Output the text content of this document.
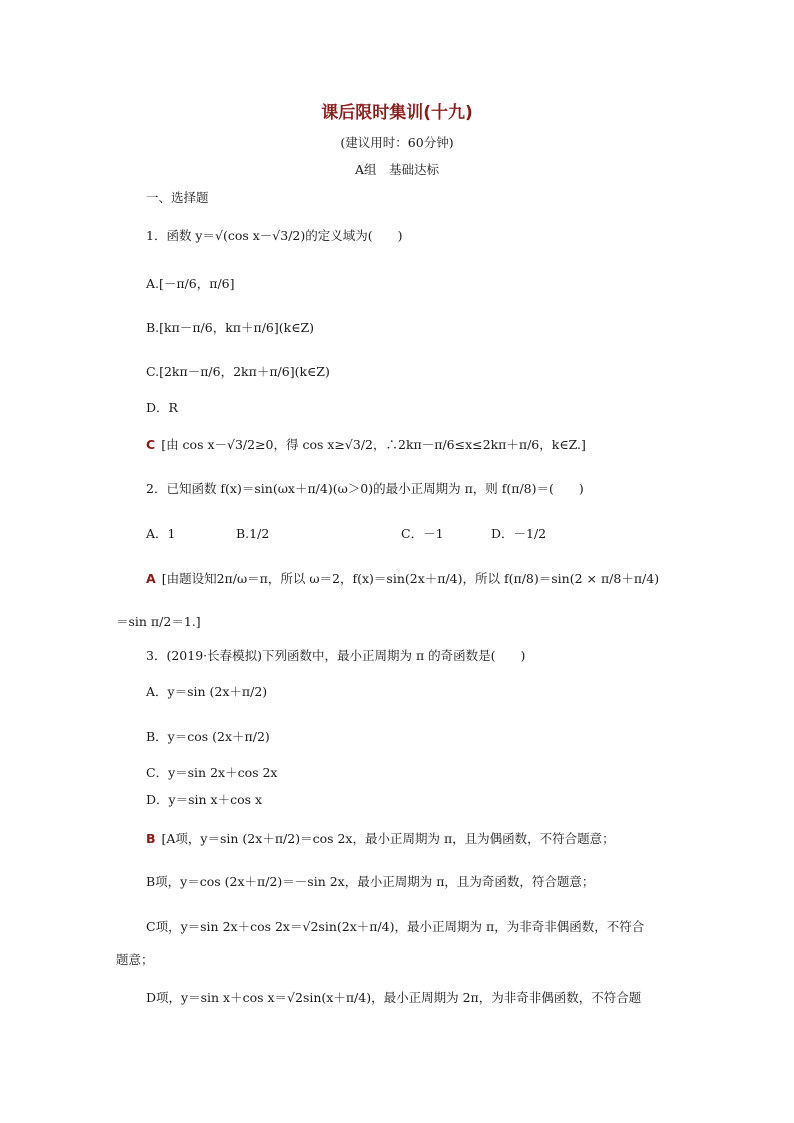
课后限时集训(十九)
(建议用时：60分钟)
A组　基础达标
一、选择题
1．函数 y＝√(cos x－√3/2)的定义域为(　　)
A.[－π/6，π/6]
B.[kπ－π/6，kπ＋π/6](k∈Z)
C.[2kπ－π/6，2kπ＋π/6](k∈Z)
D．R
C [由 cos x－√3/2≥0，得 cos x≥√3/2，∴2kπ－π/6≤x≤2kπ＋π/6，k∈Z.]
2．已知函数 f(x)＝sin(ωx＋π/4)(ω＞0)的最小正周期为 π，则 f(π/8)＝(　　)
A．1	B.1/2	C．－1	D．－1/2
A [由题设知2π/ω＝π，所以 ω＝2，f(x)＝sin(2x＋π/4)，所以 f(π/8)＝sin(2 × π/8＋π/4)
＝sin π/2＝1.]
3．(2019·长春模拟)下列函数中，最小正周期为 π 的奇函数是(　　)
A．y＝sin (2x＋π/2)
B．y＝cos (2x＋π/2)
C．y＝sin 2x＋cos 2x
D．y＝sin x＋cos x
B [A项，y＝sin (2x＋π/2)＝cos 2x，最小正周期为 π，且为偶函数，不符合题意；
B项，y＝cos (2x＋π/2)＝－sin 2x，最小正周期为 π，且为奇函数，符合题意；
C项，y＝sin 2x＋cos 2x＝√2sin(2x＋π/4)，最小正周期为 π，为非奇非偶函数，不符合
题意；
D项，y＝sin x＋cos x＝√2sin(x＋π/4)，最小正周期为 2π，为非奇非偶函数，不符合题
